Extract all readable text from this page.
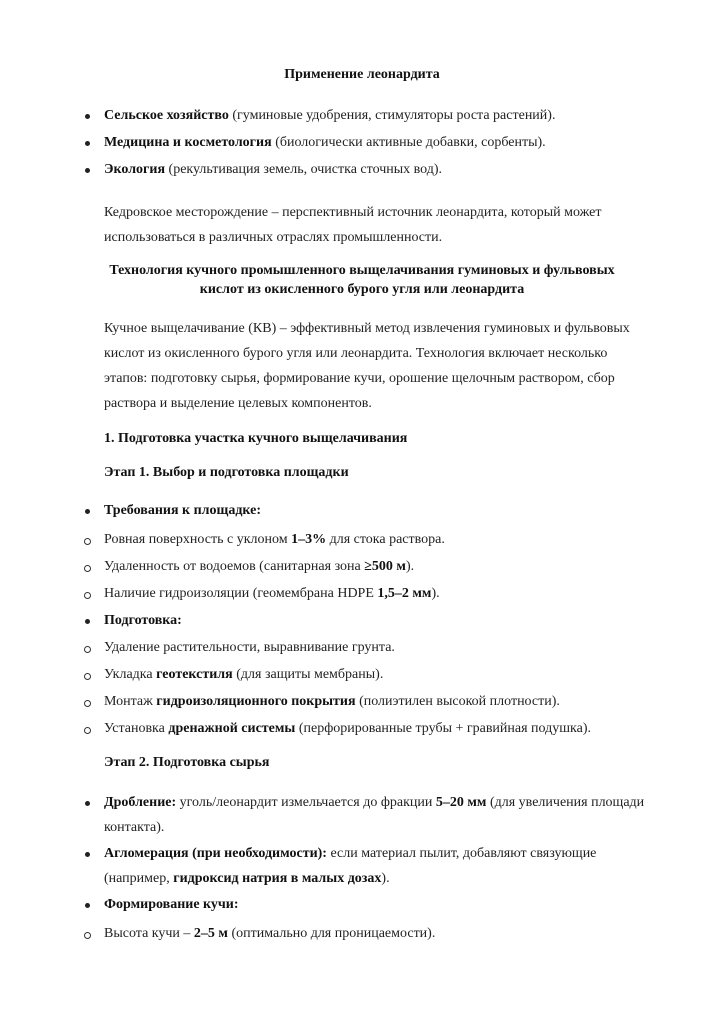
Применение леонардита
Сельское хозяйство (гуминовые удобрения, стимуляторы роста растений).
Медицина и косметология (биологически активные добавки, сорбенты).
Экология (рекультивация земель, очистка сточных вод).
Кедровское месторождение – перспективный источник леонардита, который может
использоваться в различных отраслях промышленности.
Технология кучного промышленного выщелачивания гуминовых и фульвовых
кислот из окисленного бурого угля или леонардита
Кучное выщелачивание (КВ) – эффективный метод извлечения гуминовых и фульвовых
кислот из окисленного бурого угля или леонардита. Технология включает несколько
этапов: подготовку сырья, формирование кучи, орошение щелочным раствором, сбор
раствора и выделение целевых компонентов.
1. Подготовка участка кучного выщелачивания
Этап 1. Выбор и подготовка площадки
Требования к площадке:
Ровная поверхность с уклоном 1–3% для стока раствора.
Удаленность от водоемов (санитарная зона ≥500 м).
Наличие гидроизоляции (геомембрана HDPE 1,5–2 мм).
Подготовка:
Удаление растительности, выравнивание грунта.
Укладка геотекстиля (для защиты мембраны).
Монтаж гидроизоляционного покрытия (полиэтилен высокой плотности).
Установка дренажной системы (перфорированные трубы + гравийная подушка).
Этап 2. Подготовка сырья
Дробление: уголь/леонардит измельчается до фракции 5–20 мм (для увеличения площади
контакта).
Агломерация (при необходимости): если материал пылит, добавляют связующие
(например, гидроксид натрия в малых дозах).
Формирование кучи:
Высота кучи – 2–5 м (оптимально для проницаемости).
